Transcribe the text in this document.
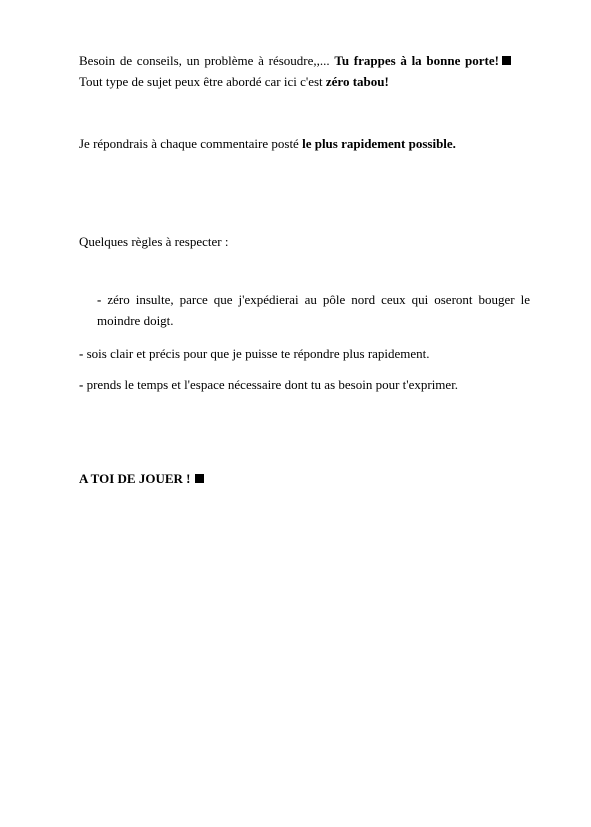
Besoin de conseils, un problème à résoudre,,... Tu frappes à la bonne porte!Tout type de sujet peux être abordé car ici c'est zéro tabou!

Je répondrais à chaque commentaire posté le plus rapidement possible.

Quelques règles à respecter :

- zéro insulte, parce que j'expédierai au pôle nord ceux qui oseront bouger le moindre doigt.

- sois clair et précis pour que je puisse te répondre plus rapidement.

- prends le temps et l'espace nécessaire dont tu as besoin pour t'exprimer.

A TOI DE JOUER !
